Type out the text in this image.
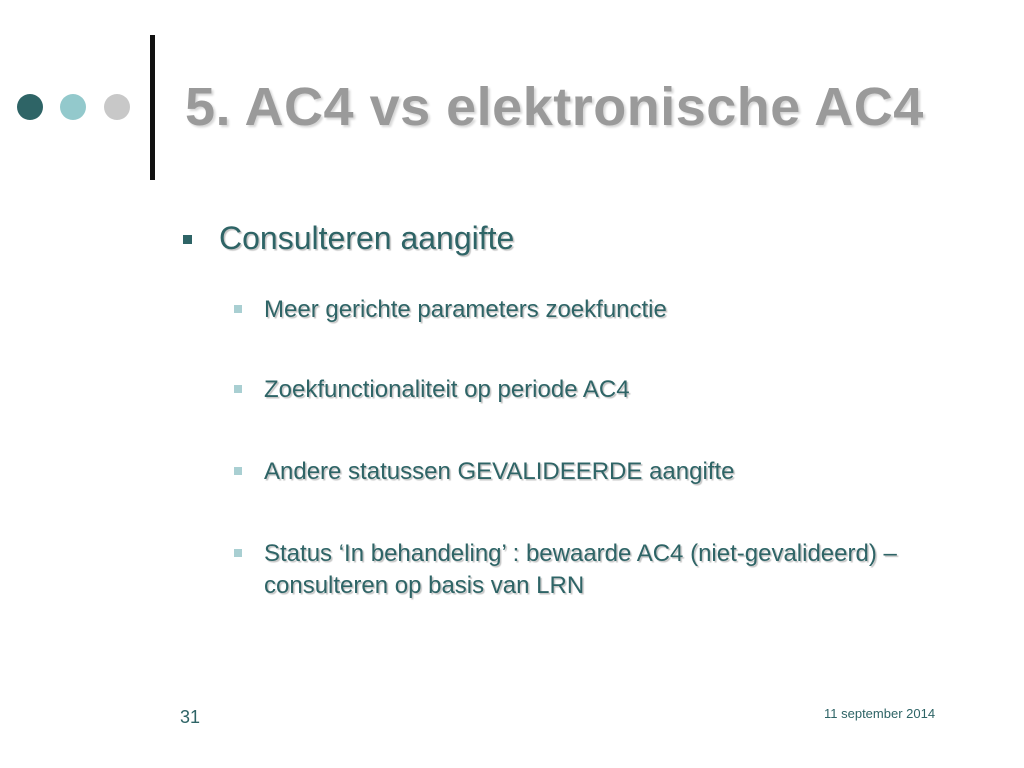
5. AC4 vs elektronische AC4
Consulteren aangifte
Meer gerichte parameters zoekfunctie
Zoekfunctionaliteit op periode AC4
Andere statussen GEVALIDEERDE aangifte
Status ‘In behandeling’ : bewaarde AC4 (niet-gevalideerd) – consulteren op basis van LRN
31	11 september 2014
